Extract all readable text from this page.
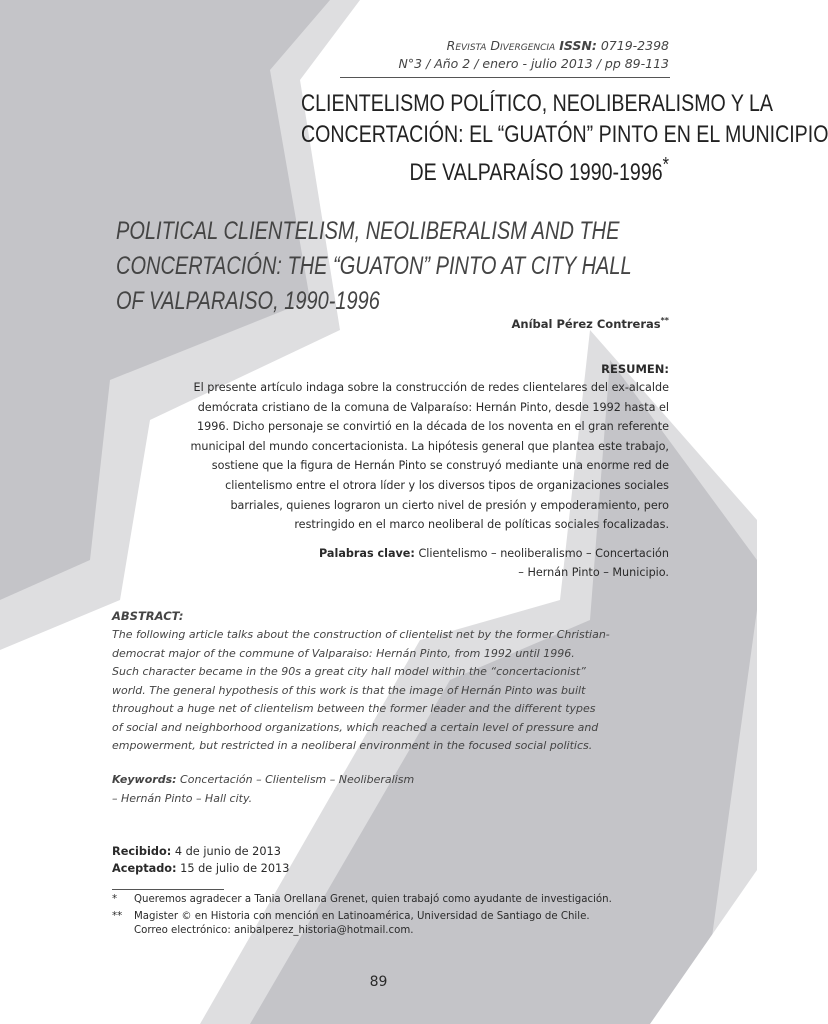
Revista Divergencia ISSN: 0719-2398
N°3 / Año 2 / enero - julio 2013 / pp 89-113
CLIENTELISMO POLÍTICO, NEOLIBERALISMO Y LA
CONCERTACIÓN: EL “GUATÓN” PINTO EN EL MUNICIPIO
DE VALPARAÍSO 1990-1996*
POLITICAL CLIENTELISM, NEOLIBERALISM AND THE
CONCERTACIÓN: THE “GUATON” PINTO AT CITY HALL
OF VALPARAISO, 1990-1996
Aníbal Pérez Contreras**
RESUMEN:
El presente artículo indaga sobre la construcción de redes clientelares del ex-alcalde
demócrata cristiano de la comuna de Valparaíso: Hernán Pinto, desde 1992 hasta el
1996. Dicho personaje se convirtió en la década de los noventa en el gran referente
municipal del mundo concertacionista. La hipótesis general que plantea este trabajo,
sostiene que la figura de Hernán Pinto se construyó mediante una enorme red de
clientelismo entre el otrora líder y los diversos tipos de organizaciones sociales
barriales, quienes lograron un cierto nivel de presión y empoderamiento, pero
restringido en el marco neoliberal de políticas sociales focalizadas.
Palabras clave: Clientelismo – neoliberalismo – Concertación
– Hernán Pinto – Municipio.
ABSTRACT:
The following article talks about the construction of clientelist net by the former Christian-
democrat major of the commune of Valparaiso: Hernán Pinto, from 1992 until 1996.
Such character became in the 90s a great city hall model within the “concertacionist”
world. The general hypothesis of this work is that the image of Hernán Pinto was built
throughout a huge net of clientelism between the former leader and the different types
of social and neighborhood organizations, which reached a certain level of pressure and
empowerment, but restricted in a neoliberal environment in the focused social politics.
Keywords: Concertación – Clientelism – Neoliberalism
– Hernán Pinto – Hall city.
Recibido: 4 de junio de 2013
Aceptado: 15 de julio de 2013
* Queremos agradecer a Tania Orellana Grenet, quien trabajó como ayudante de investigación.
** Magister © en Historia con mención en Latinoamérica, Universidad de Santiago de Chile.
Correo electrónico: anibalperez_historia@hotmail.com.
89
